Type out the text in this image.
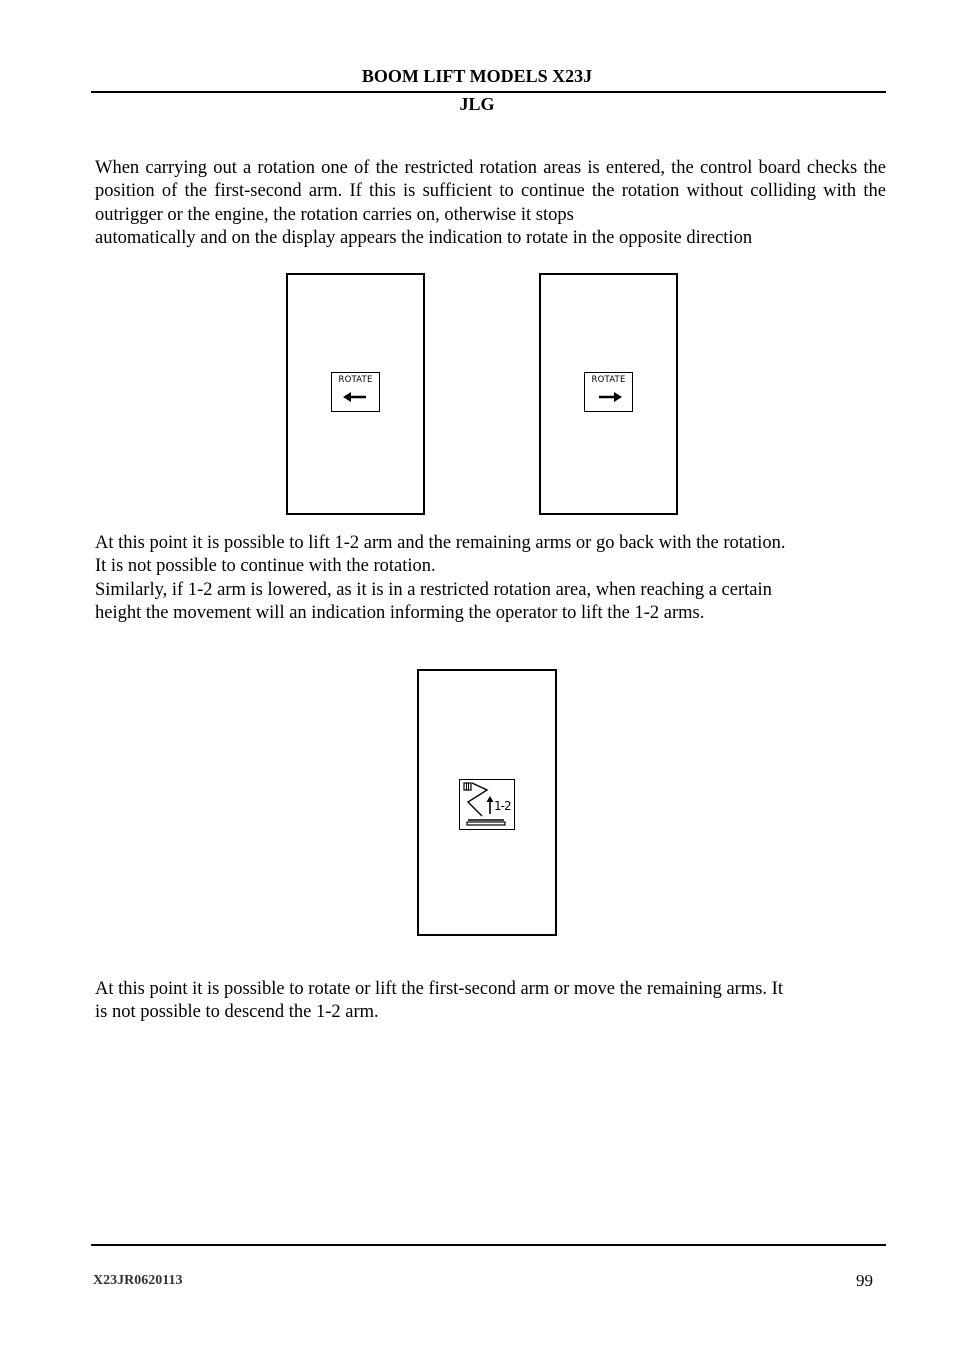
BOOM LIFT MODELS X23J
JLG
When carrying out a rotation one of the restricted rotation areas is entered, the control board checks the position of the first-second arm. If this is sufficient to continue the rotation without colliding with the outrigger or the engine, the rotation carries on, otherwise it stops
automatically and on the display appears the indication to rotate in the opposite direction
ROTATE	ROTATE
At this point it is possible to lift 1-2 arm and the remaining arms or go back with the rotation.
It is not possible to continue with the rotation.
Similarly, if 1-2 arm is lowered, as it is in a restricted rotation area, when reaching a certain
height the movement will an indication informing the operator to lift the 1-2 arms.
1-2
At this point it is possible to rotate or lift the first-second arm or move the remaining arms. It
is not possible to descend the 1-2 arm.
X23JR0620113	99
